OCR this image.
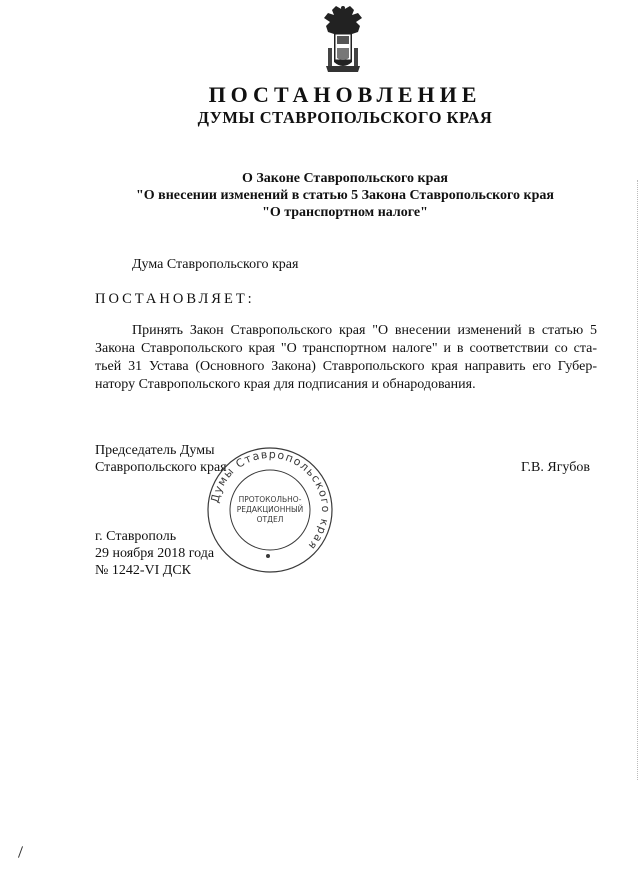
ПОСТАНОВЛЕНИЕ
ДУМЫ СТАВРОПОЛЬСКОГО КРАЯ
О Законе Ставропольского края
"О внесении изменений в статью 5 Закона Ставропольского края
"О транспортном налоге"
Дума Ставропольского края
ПОСТАНОВЛЯЕТ:
Принять Закон Ставропольского края "О внесении изменений в статью 5
Закона Ставропольского края "О транспортном налоге" и в соответствии со ста-
тьей 31 Устава (Основного Закона) Ставропольского края направить его Губер-
натору Ставропольского края для подписания и обнародования.
Председатель Думы
Ставропольского края	Г.В. Ягубов
Думы Ставропольского края
ПРОТОКОЛЬНО-
РЕДАКЦИОННЫЙ
ОТДЕЛ
г. Ставрополь
29 ноября 2018 года
№ 1242-VI ДСК
